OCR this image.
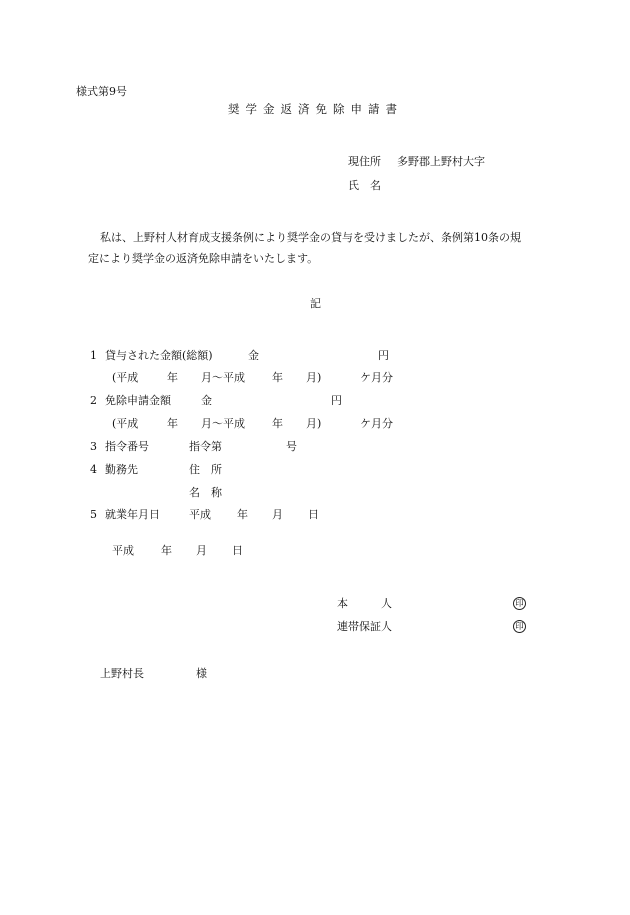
様式第9号
奨学金返済免除申請書
現住所 多野郡上野村大字
氏　名
私は、上野村人材育成支援条例により奨学金の貸与を受けましたが、条例第10条の規
定により奨学金の返済免除申請をいたします。
記
1 貸与された金額(総額)	金	円
(平成	年 月〜平成 年 月)	ケ月分
2 免除申請金額	金	円
(平成	年 月〜平成 年 月)	ケ月分
3 指令番号	指令第	号
4 勤務先	住　所
名　称
5 就業年月日	平成 年 月 日
平成 年 月 日
本　　　人	印
連帯保証人	印
上野村長	様
